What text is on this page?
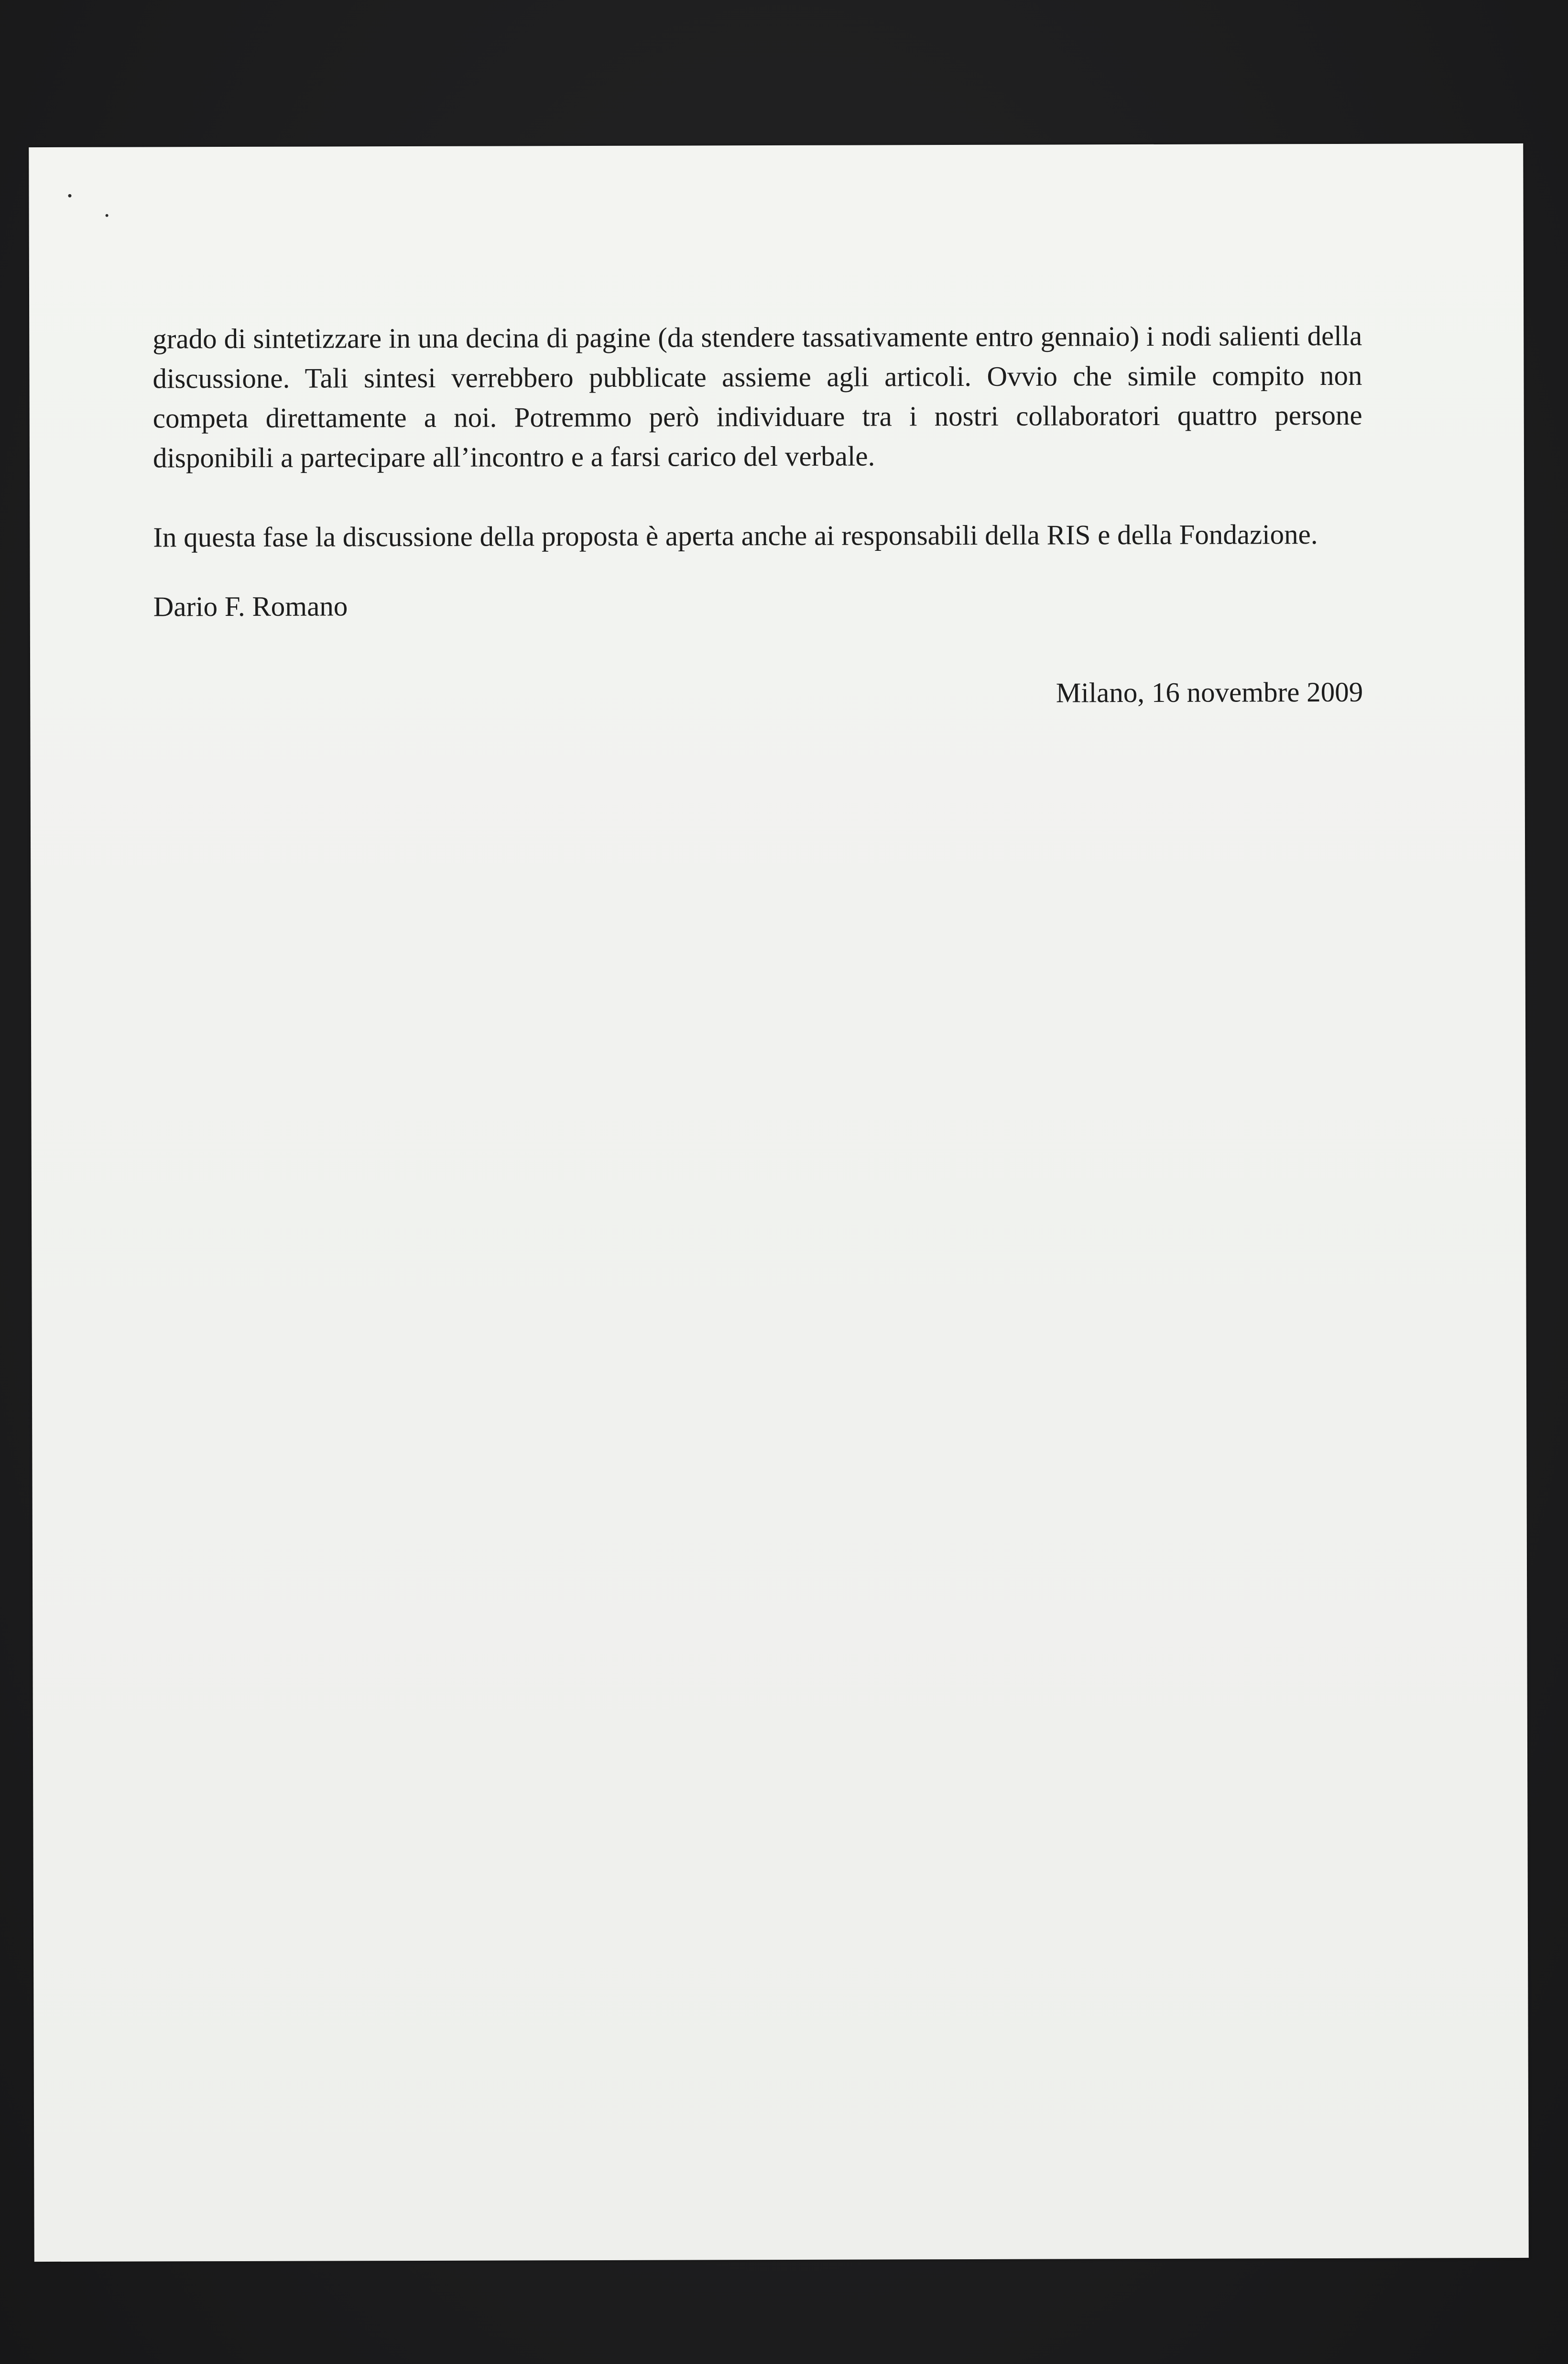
grado di sintetizzare in una decina di pagine (da stendere tassativamente entro gennaio) i nodi salienti della discussione. Tali sintesi verrebbero pubblicate assieme agli articoli. Ovvio che simile compito non competa direttamente a noi. Potremmo però individuare tra i nostri collaboratori quattro persone disponibili a partecipare all’incontro e a farsi carico del verbale.

In questa fase la discussione della proposta è aperta anche ai responsabili della RIS e della Fondazione.

Dario F. Romano
Milano, 16 novembre 2009
